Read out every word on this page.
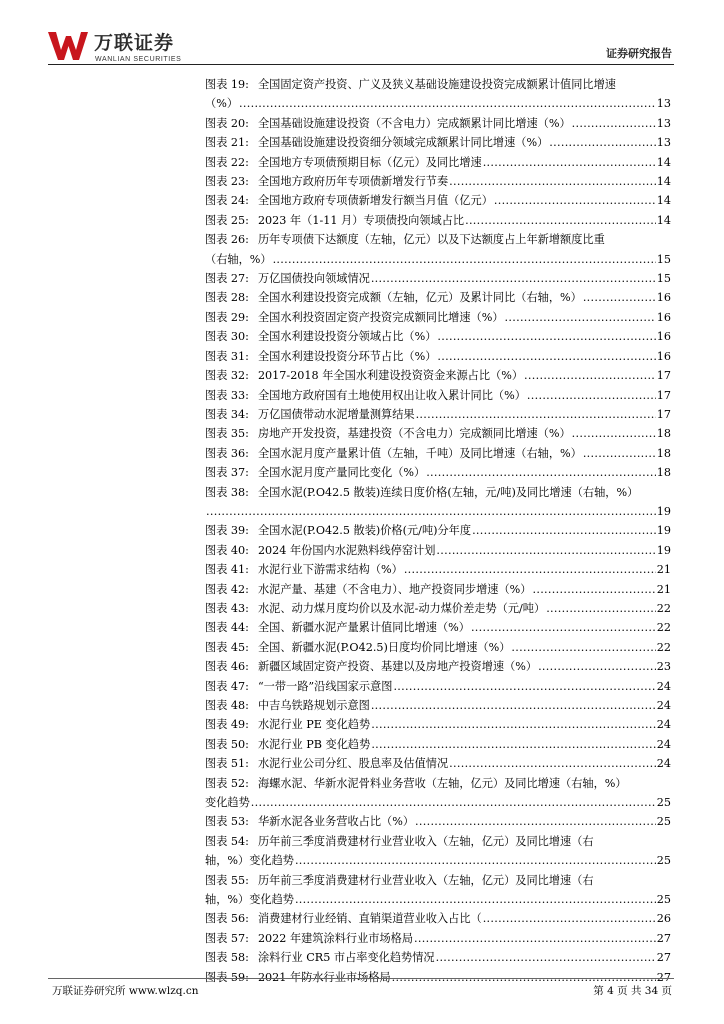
万联证券
WANLIAN SECURITIES	证券研究报告
图表 19: 全国固定资产投资、广义及狭义基础设施建设投资完成额累计值同比增速
（%） .....	13
图表 20: 全国基础设施建设投资（不含电力）完成额累计同比增速（%） .....	13
图表 21: 全国基础设施建设投资细分领域完成额累计同比增速（%） .....	13
图表 22: 全国地方专项债预期目标（亿元）及同比增速 .....	14
图表 23: 全国地方政府历年专项债新增发行节奏 .....	14
图表 24: 全国地方政府专项债新增发行额当月值（亿元） .....	14
图表 25: 2023 年（1-11 月）专项债投向领域占比 .....	14
图表 26: 历年专项债下达额度（左轴，亿元）以及下达额度占上年新增额度比重
（右轴，%） .....	15
图表 27: 万亿国债投向领域情况 .....	15
图表 28: 全国水利建设投资完成额（左轴，亿元）及累计同比（右轴，%） .....	16
图表 29: 全国水利投资固定资产投资完成额同比增速（%） .....	16
图表 30: 全国水利建设投资分领域占比（%） .....	16
图表 31: 全国水利建设投资分环节占比（%） .....	16
图表 32: 2017-2018 年全国水利建设投资资金来源占比（%） .....	17
图表 33: 全国地方政府国有土地使用权出让收入累计同比（%） .....	17
图表 34: 万亿国债带动水泥增量测算结果 .....	17
图表 35: 房地产开发投资，基建投资（不含电力）完成额同比增速（%） .....	18
图表 36: 全国水泥月度产量累计值（左轴，千吨）及同比增速（右轴，%） .....	18
图表 37: 全国水泥月度产量同比变化（%） .....	18
图表 38: 全国水泥(P.O42.5 散装)连续日度价格(左轴，元/吨)及同比增速（右轴，%）
.....
19
图表 39: 全国水泥(P.O42.5 散装)价格(元/吨)分年度 .....	19
图表 40: 2024 年份国内水泥熟料线停窑计划 .....	19
图表 41: 水泥行业下游需求结构（%） .....	21
图表 42: 水泥产量、基建（不含电力）、地产投资同步增速（%） .....	21
图表 43: 水泥、动力煤月度均价以及水泥-动力煤价差走势（元/吨） .....	22
图表 44: 全国、新疆水泥产量累计值同比增速（%） .....	22
图表 45: 全国、新疆水泥(P.O42.5)日度均价同比增速（%） .....	22
图表 46: 新疆区域固定资产投资、基建以及房地产投资增速（%） .....	23
图表 47: “一带一路”沿线国家示意图 .....	24
图表 48: 中吉乌铁路规划示意图 .....	24
图表 49: 水泥行业 PE 变化趋势 .....	24
图表 50: 水泥行业 PB 变化趋势 .....	24
图表 51: 水泥行业公司分红、股息率及估值情况 .....	24
图表 52: 海螺水泥、华新水泥骨料业务营收（左轴，亿元）及同比增速（右轴，%）
变化趋势 .....	25
图表 53: 华新水泥各业务营收占比（%） .....	25
图表 54: 历年前三季度消费建材行业营业收入（左轴，亿元）及同比增速（右
轴，%）变化趋势 .....	25
图表 55: 历年前三季度消费建材行业营业收入（左轴，亿元）及同比增速（右
轴，%）变化趋势 .....	25
图表 56: 消费建材行业经销、直销渠道营业收入占比（ .....	26
图表 57: 2022 年建筑涂料行业市场格局 .....	27
图表 58: 涂料行业 CR5 市占率变化趋势情况 .....	27
图表 59: 2021 年防水行业市场格局 .....	27
万联证券研究所 www.wlzq.cn	第 4 页 共 34 页
